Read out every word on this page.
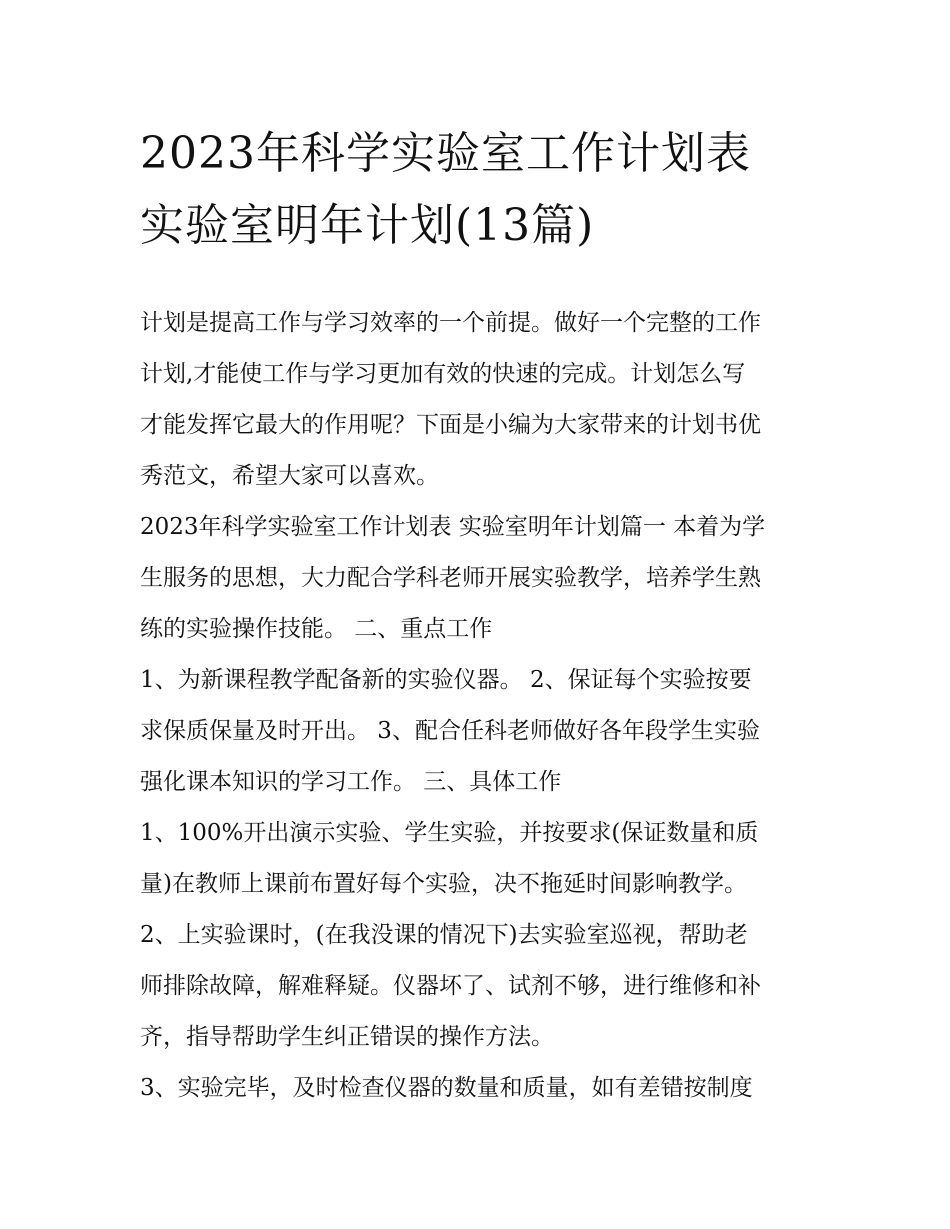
2023年科学实验室工作计划表
实验室明年计划(13篇)
计划是提高工作与学习效率的一个前提。做好一个完整的工作
计划,才能使工作与学习更加有效的快速的完成。计划怎么写
才能发挥它最大的作用呢？下面是小编为大家带来的计划书优
秀范文，希望大家可以喜欢。
2023年科学实验室工作计划表 实验室明年计划篇一 本着为学
生服务的思想，大力配合学科老师开展实验教学，培养学生熟
练的实验操作技能。 二、重点工作
1、为新课程教学配备新的实验仪器。 2、保证每个实验按要
求保质保量及时开出。 3、配合任科老师做好各年段学生实验
强化课本知识的学习工作。 三、具体工作
1、100%开出演示实验、学生实验，并按要求(保证数量和质
量)在教师上课前布置好每个实验，决不拖延时间影响教学。
2、上实验课时，(在我没课的情况下)去实验室巡视，帮助老
师排除故障，解难释疑。仪器坏了、试剂不够，进行维修和补
齐，指导帮助学生纠正错误的操作方法。
3、实验完毕，及时检查仪器的数量和质量，如有差错按制度
